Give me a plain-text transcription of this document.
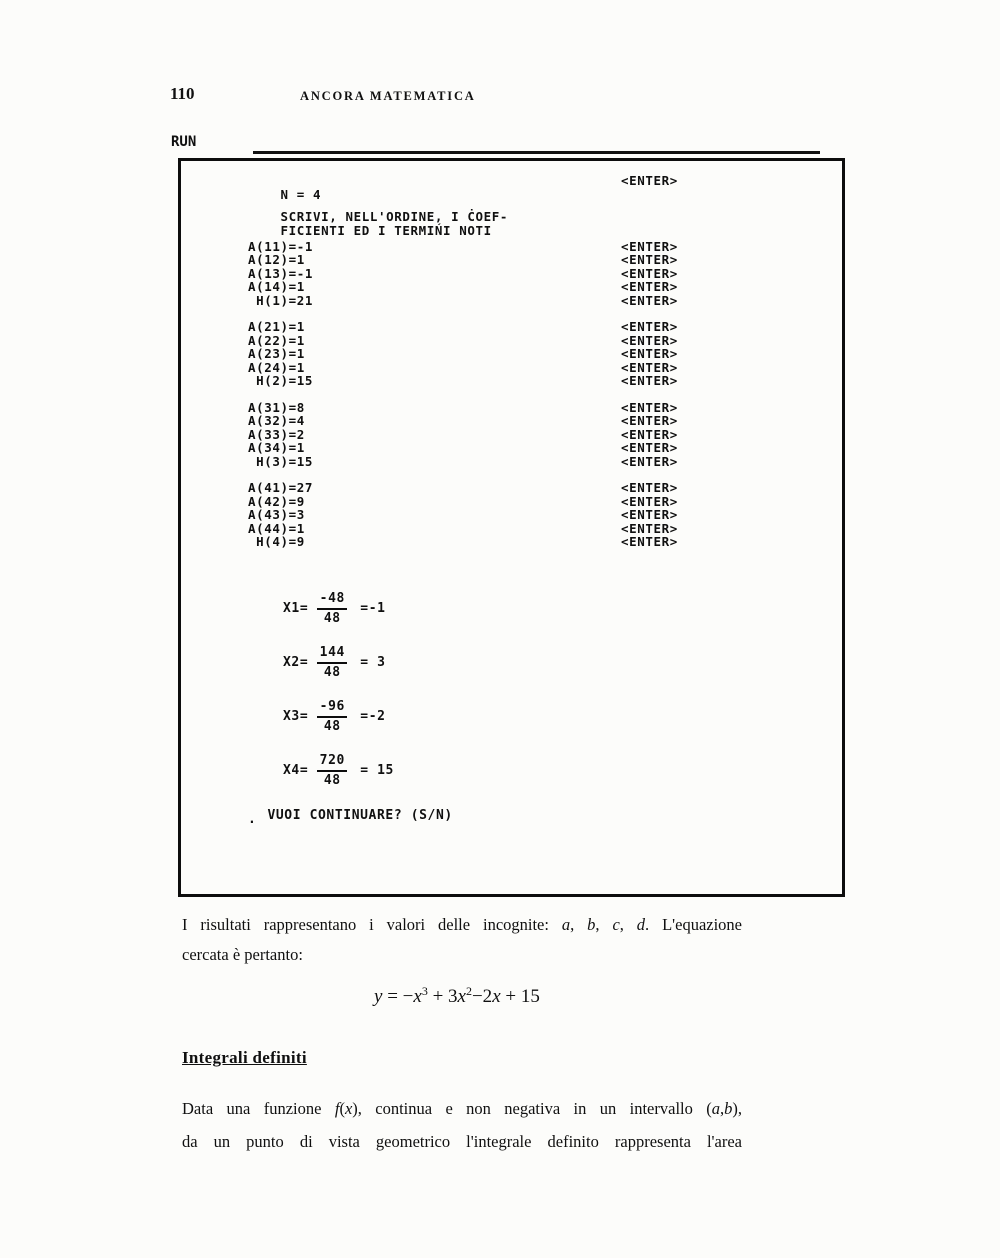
110	ANCORA MATEMATICA
RUN

N = 4

<ENTER>

SCRIVI, NELL'ORDINE, I ĊOEF-

FICIENTI ED I TERMIŃI NOTI

A(11)=-1	<ENTER>
A(12)=1	<ENTER>
A(13)=-1	<ENTER>
A(14)=1	<ENTER>
H(1)=21	<ENTER>
A(21)=1	<ENTER>
A(22)=1	<ENTER>
A(23)=1	<ENTER>
A(24)=1	<ENTER>
H(2)=15	<ENTER>
A(31)=8	<ENTER>
A(32)=4	<ENTER>
A(33)=2	<ENTER>
A(34)=1	<ENTER>
H(3)=15	<ENTER>
A(41)=27	<ENTER>
A(42)=9	<ENTER>
A(43)=3	<ENTER>
A(44)=1	<ENTER>
H(4)=9	<ENTER>
$X1= \frac{-48}{48} =-1$
$X2= \frac{144}{48} = 3$
$X3= \frac{-96}{48} =-2$
$X4= \frac{720}{48} = 15$
. VUOI CONTINUARE? (S/N)
I risultati rappresentano i valori delle incognite: a, b, c, d. L'equazione
cercata è pertanto:
$y = -x^3 + 3x^2-2x + 15$
Integrali definiti
Data una funzione f(x), continua e non negativa in un intervallo (a,b),
da un punto di vista geometrico l'integrale definito rappresenta l'area
